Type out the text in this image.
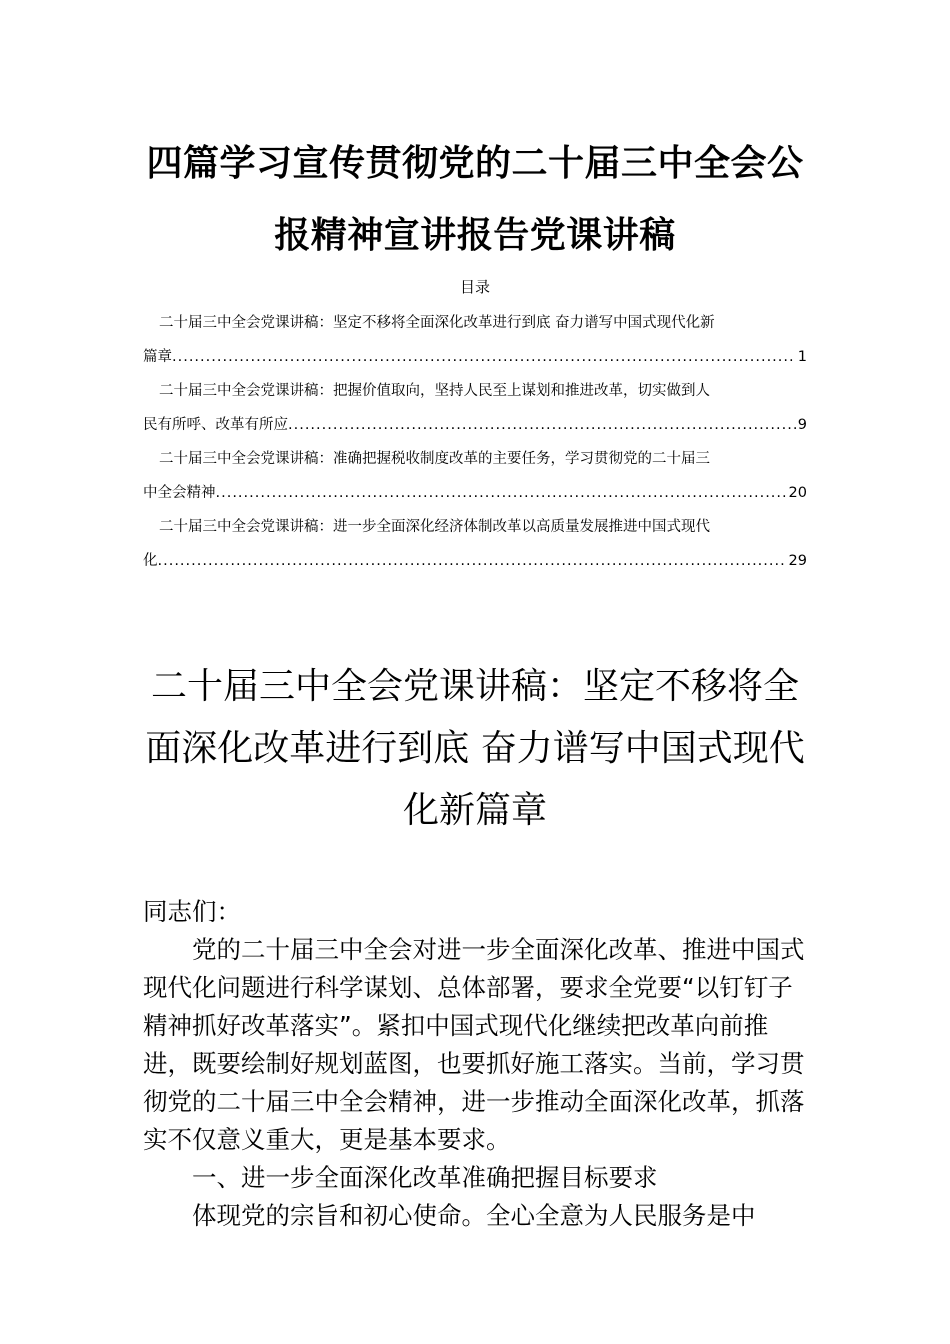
四篇学习宣传贯彻党的二十届三中全会公
报精神宣讲报告党课讲稿
目录
二十届三中全会党课讲稿：坚定不移将全面深化改革进行到底 奋力谱写中国式现代化新
篇章 .....	1
二十届三中全会党课讲稿：把握价值取向，坚持人民至上谋划和推进改革，切实做到人
民有所呼、改革有所应 .....	9
二十届三中全会党课讲稿：准确把握税收制度改革的主要任务，学习贯彻党的二十届三
中全会精神 .....	20
二十届三中全会党课讲稿：进一步全面深化经济体制改革以高质量发展推进中国式现代
化 .....	29
二十届三中全会党课讲稿：坚定不移将全
面深化改革进行到底 奋力谱写中国式现代
化新篇章

同志们：

党的二十届三中全会对进一步全面深化改革、推进中国式现代化问题进行科学谋划、总体部署，要求全党要“以钉钉子精神抓好改革落实”。紧扣中国式现代化继续把改革向前推进，既要绘制好规划蓝图，也要抓好施工落实。当前，学习贯彻党的二十届三中全会精神，进一步推动全面深化改革，抓落实不仅意义重大，更是基本要求。

一、进一步全面深化改革准确把握目标要求

体现党的宗旨和初心使命。全心全意为人民服务是中
